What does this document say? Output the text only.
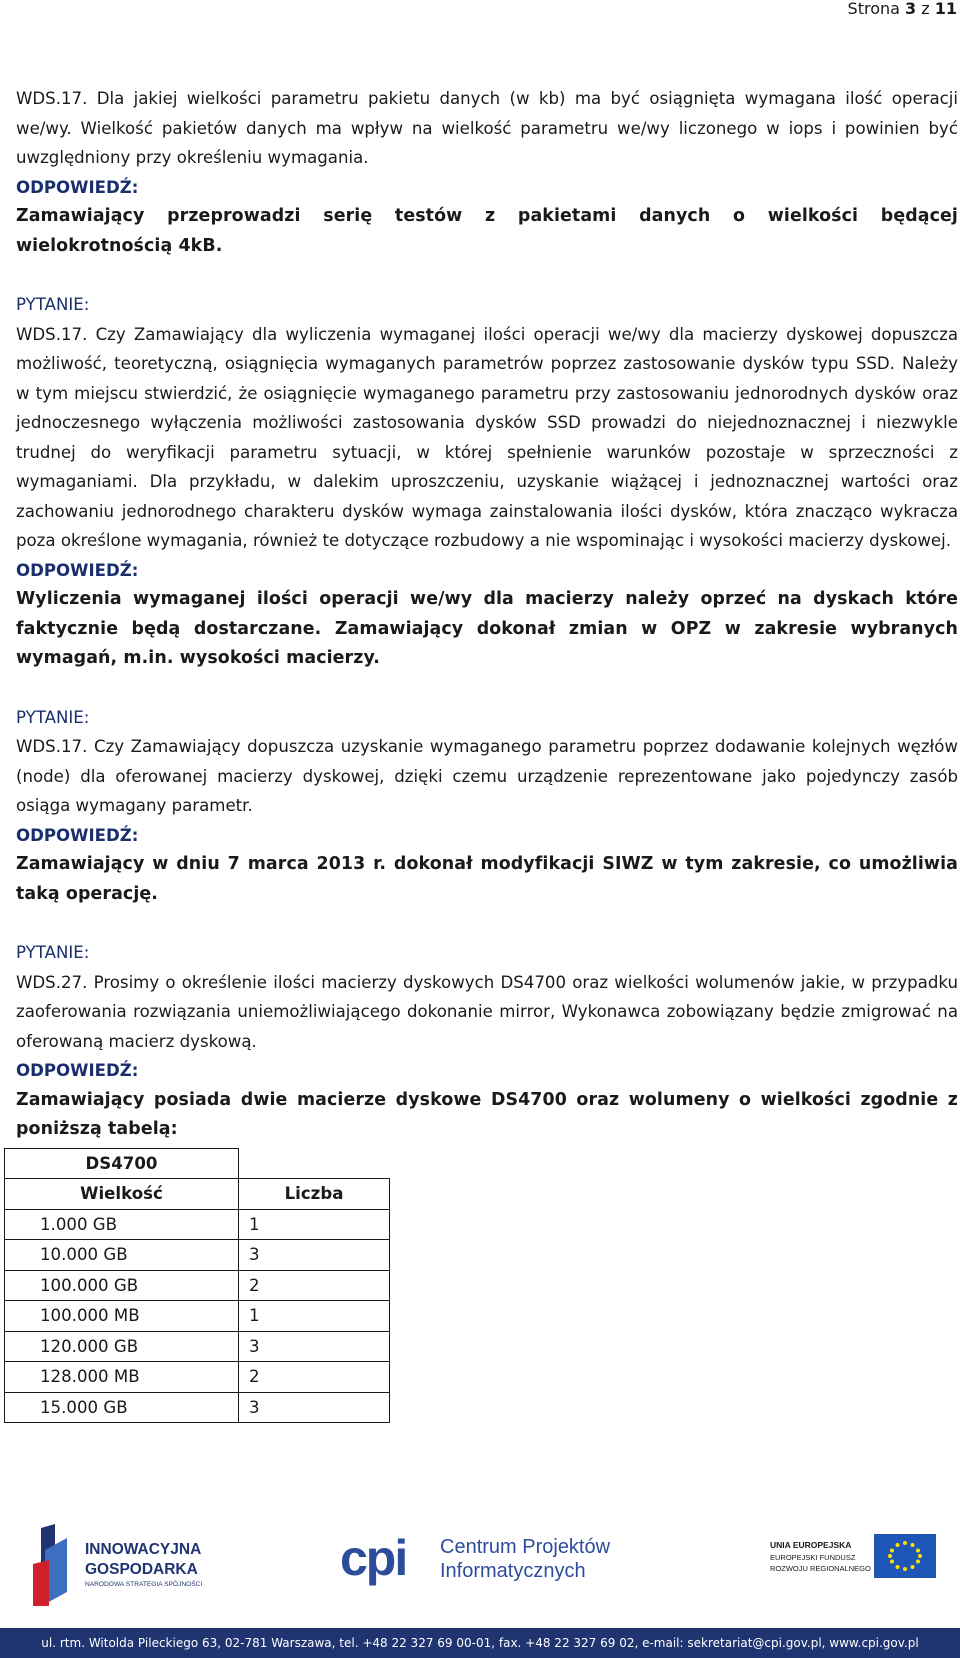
Strona 3 z 11

WDS.17. Dla jakiej wielkości parametru pakietu danych (w kb) ma być osiągnięta wymagana ilość operacji we/wy. Wielkość pakietów danych ma wpływ na wielkość parametru we/wy liczonego w iops i powinien być uwzględniony przy określeniu wymagania.

ODPOWIEDŹ:

Zamawiający przeprowadzi serię testów z pakietami danych o wielkości będącej wielokrotnością 4kB.

PYTANIE:

WDS.17. Czy Zamawiający dla wyliczenia wymaganej ilości operacji we/wy dla macierzy dyskowej dopuszcza możliwość, teoretyczną, osiągnięcia wymaganych parametrów poprzez zastosowanie dysków typu SSD. Należy w tym miejscu stwierdzić, że osiągnięcie wymaganego parametru przy zastosowaniu jednorodnych dysków oraz jednoczesnego wyłączenia możliwości zastosowania dysków SSD prowadzi do niejednoznacznej i niezwykle trudnej do weryfikacji parametru sytuacji, w której spełnienie warunków pozostaje w sprzeczności z wymaganiami. Dla przykładu, w dalekim uproszczeniu, uzyskanie wiążącej i jednoznacznej wartości oraz zachowaniu jednorodnego charakteru dysków wymaga zainstalowania ilości dysków, która znacząco wykracza poza określone wymagania, również te dotyczące rozbudowy a nie wspominając i wysokości macierzy dyskowej.

ODPOWIEDŹ:

Wyliczenia wymaganej ilości operacji we/wy dla macierzy należy oprzeć na dyskach które faktycznie będą dostarczane. Zamawiający dokonał zmian w OPZ w zakresie wybranych wymagań, m.in. wysokości macierzy.

PYTANIE:

WDS.17. Czy Zamawiający dopuszcza uzyskanie wymaganego parametru poprzez dodawanie kolejnych węzłów (node) dla oferowanej macierzy dyskowej, dzięki czemu urządzenie reprezentowane jako pojedynczy zasób osiąga wymagany parametr.

ODPOWIEDŹ:

Zamawiający w dniu 7 marca 2013 r. dokonał modyfikacji SIWZ w tym zakresie, co umożliwia taką operację.

PYTANIE:

WDS.27. Prosimy o określenie ilości macierzy dyskowych DS4700 oraz wielkości wolumenów jakie, w przypadku zaoferowania rozwiązania uniemożliwiającego dokonanie mirror, Wykonawca zobowiązany będzie zmigrować na oferowaną macierz dyskową.

ODPOWIEDŹ:

Zamawiający posiada dwie macierze dyskowe DS4700 oraz wolumeny o wielkości zgodnie z poniższą tabelą:

DS4700	
Wielkość	Liczba
1.000 GB	1
10.000 GB	3
100.000 GB	2
100.000 MB	1
120.000 GB	3
128.000 MB	2
15.000 GB	3
INNOWACYJNA
GOSPODARKA
NARODOWA STRATEGIA SPÓJNOŚCI	cpi Centrum Projektów
Informatycznych
UNIA EUROPEJSKA
EUROPEJSKI FUNDUSZ
ROZWOJU REGIONALNEGO
ul. rtm. Witolda Pileckiego 63, 02-781 Warszawa, tel. +48 22 327 69 00-01, fax. +48 22 327 69 02, e-mail: sekretariat@cpi.gov.pl, www.cpi.gov.pl
